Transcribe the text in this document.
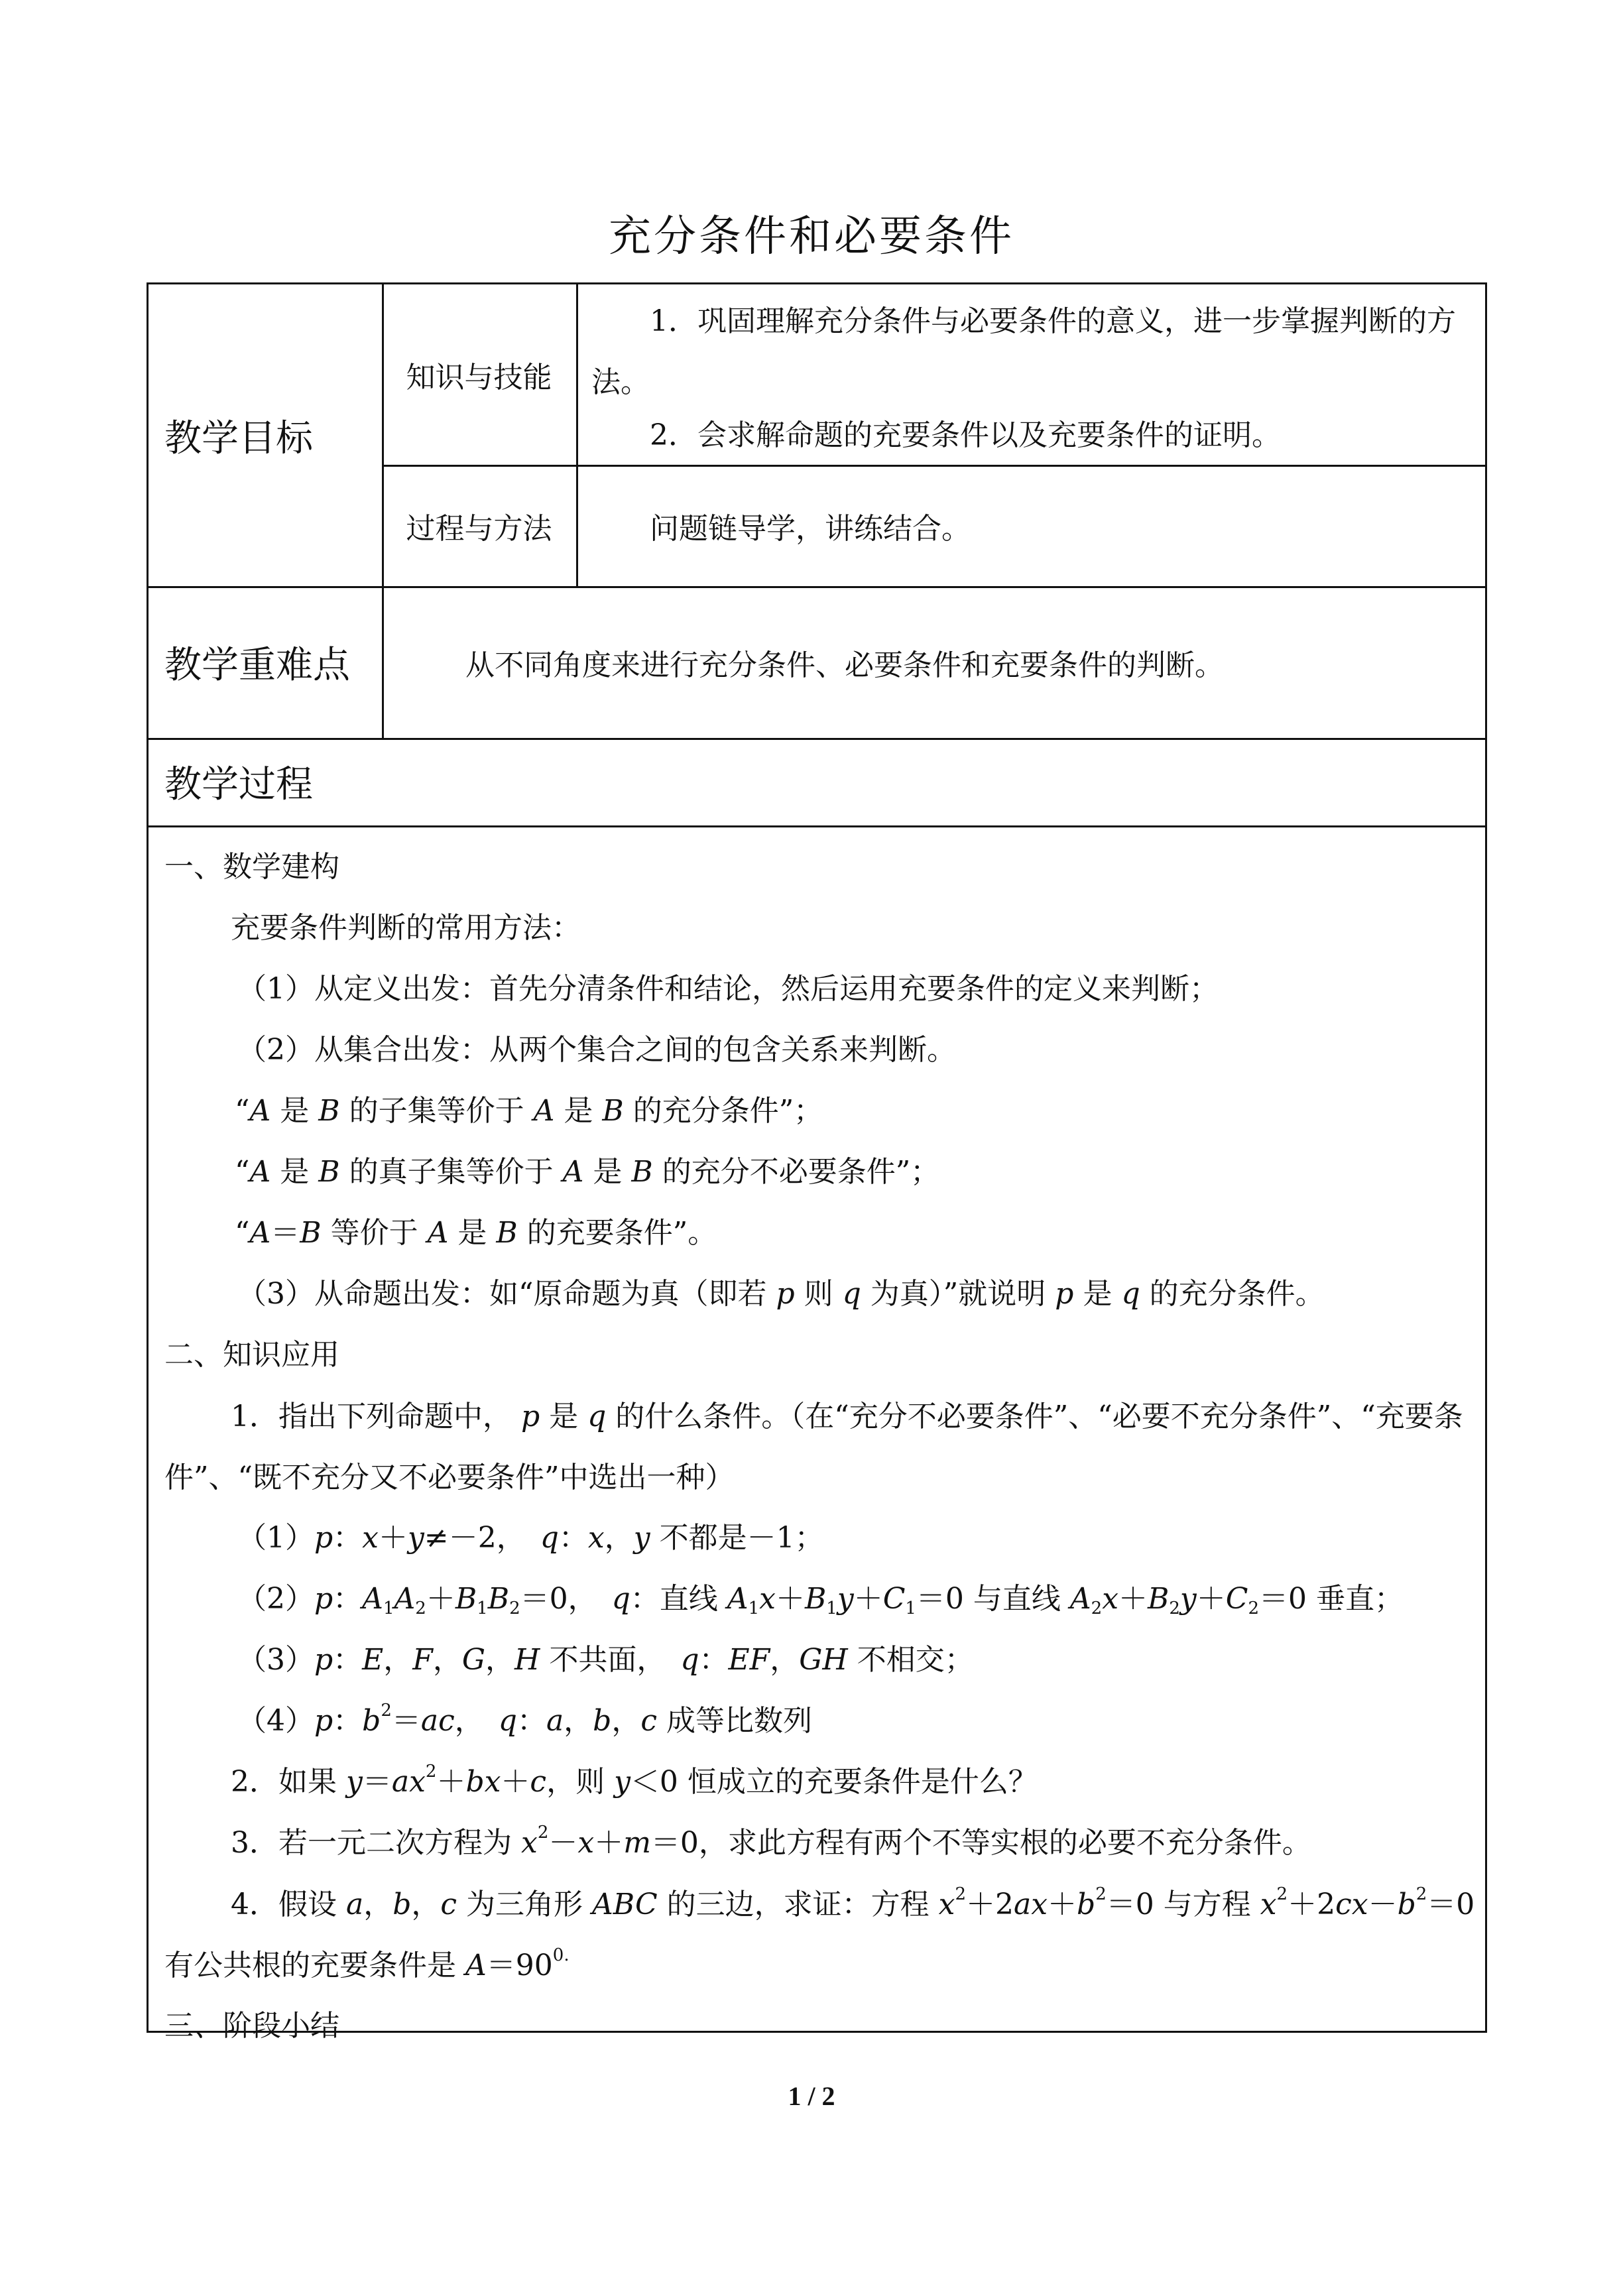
充分条件和必要条件
教学目标
知识与技能
1．巩固理解充分条件与必要条件的意义，进一步掌握判断的方法。
2．会求解命题的充要条件以及充要条件的证明。
过程与方法	问题链导学，讲练结合。
教学重难点	从不同角度来进行充分条件、必要条件和充要条件的判断。
教学过程
一、数学建构
充要条件判断的常用方法：
（1）从定义出发：首先分清条件和结论，然后运用充要条件的定义来判断；
（2）从集合出发：从两个集合之间的包含关系来判断。
“A 是 B 的子集等价于 A 是 B 的充分条件”；
“A 是 B 的真子集等价于 A 是 B 的充分不必要条件”；
“A＝B 等价于 A 是 B 的充要条件”。
（3）从命题出发：如“原命题为真（即若 p 则 q 为真）”就说明 p 是 q 的充分条件。
二、知识应用
1．指出下列命题中， p 是 q 的什么条件。（在“充分不必要条件”、“必要不充分条件”、“充要条件”、“既不充分又不必要条件”中选出一种）
（1）p：x＋y≠－2，　q：x，y 不都是－1；
（2）p：$A_1A_2+B_1B_2=0$，　q：直线 $A_1x+B_1y+C_1=0$ 与直线 $A_2x+B_2y+C_2=0$ 垂直；
（3）p：E，F，G，H 不共面，　q：EF，GH 不相交；
（4）p：$b^2=ac$，　q：a，b，c 成等比数列
2．如果 $y=ax^2+bx+c$，则 y＜0 恒成立的充要条件是什么？
3．若一元二次方程为 $x^2-x+m=0$，求此方程有两个不等实根的必要不充分条件。
4．假设 a，b，c 为三角形 ABC 的三边，求证：方程 $x^2+2ax+b^2=0$ 与方程 $x^2+2cx-b^2=0$ 有公共根的充要条件是 $A=90^{0.}$
三、阶段小结
1 / 2
